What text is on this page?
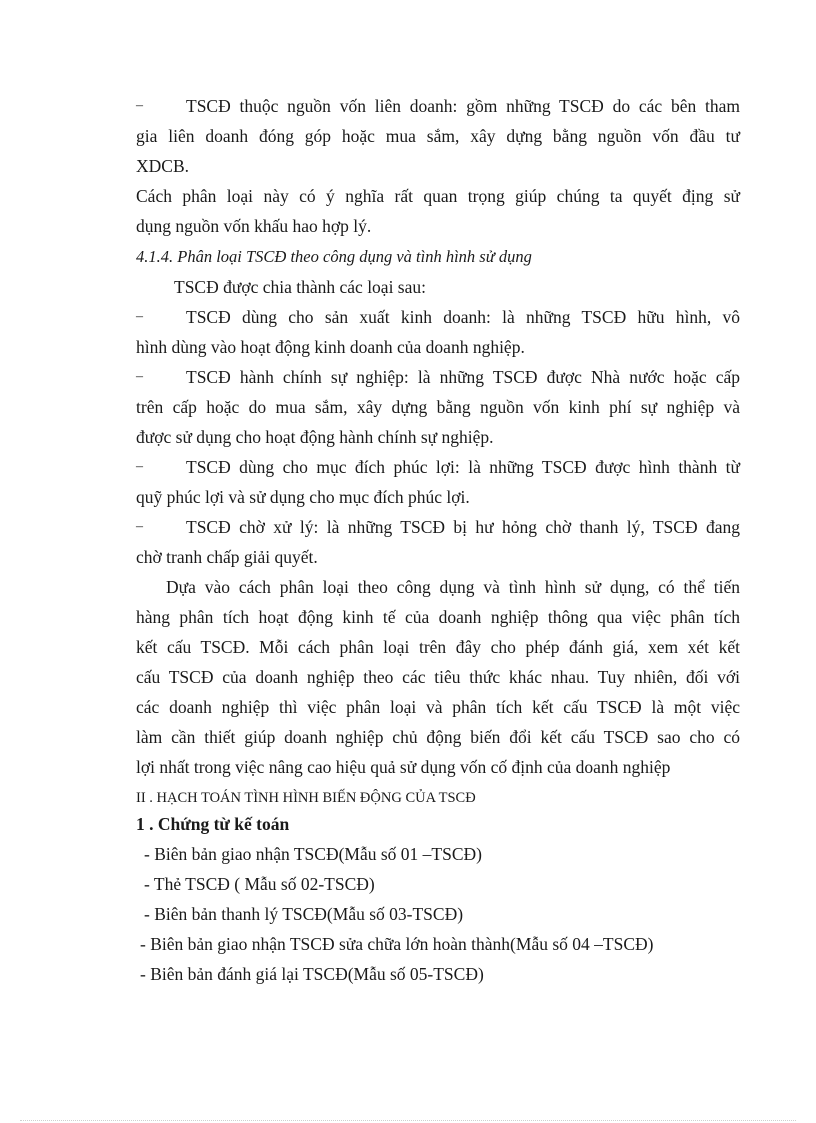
– TSCĐ thuộc nguồn vốn liên doanh: gồm những TSCĐ do các bên tham
gia liên doanh đóng góp hoặc mua sắm, xây dựng bằng nguồn vốn đầu tư
XDCB.
Cách phân loại này có ý nghĩa rất quan trọng giúp chúng ta quyết địng sử
dụng nguồn vốn khấu hao hợp lý.
4.1.4. Phân loại TSCĐ theo công dụng và tình hình sử dụng
TSCĐ được chia thành các loại sau:
– TSCĐ dùng cho sản xuất kinh doanh: là những TSCĐ hữu hình, vô
hình dùng vào hoạt động kinh doanh của doanh nghiệp.
– TSCĐ hành chính sự nghiệp: là những TSCĐ được Nhà nước hoặc cấp
trên cấp hoặc do mua sắm, xây dựng bằng nguồn vốn kinh phí sự nghiệp và
được sử dụng cho hoạt động hành chính sự nghiệp.
– TSCĐ dùng cho mục đích phúc lợi: là những TSCĐ được hình thành từ
quỹ phúc lợi và sử dụng cho mục đích phúc lợi.
– TSCĐ chờ xử lý: là những TSCĐ bị hư hỏng chờ thanh lý, TSCĐ đang
chờ tranh chấp giải quyết.
Dựa vào cách phân loại theo công dụng và tình hình sử dụng, có thể tiến
hàng phân tích hoạt động kinh tế của doanh nghiệp thông qua việc phân tích
kết cấu TSCĐ. Mỗi cách phân loại trên đây cho phép đánh giá, xem xét kết
cấu TSCĐ của doanh nghiệp theo các tiêu thức khác nhau. Tuy nhiên, đối với
các doanh nghiệp thì việc phân loại và phân tích kết cấu TSCĐ là một việc
làm cần thiết giúp doanh nghiệp chủ động biến đổi kết cấu TSCĐ sao cho có
lợi nhất trong việc nâng cao hiệu quả sử dụng vốn cố định của doanh nghiệp
II . HẠCH TOÁN TÌNH HÌNH BIẾN ĐỘNG CỦA TSCĐ
1 . Chứng từ kế toán
- Biên bản giao nhận TSCĐ(Mẫu số 01 –TSCĐ)
- Thẻ TSCĐ ( Mẫu số 02-TSCĐ)
- Biên bản thanh lý TSCĐ(Mẫu số 03-TSCĐ)
- Biên bản giao nhận TSCĐ sửa chữa lớn hoàn thành(Mẫu số 04 –TSCĐ)
- Biên bản đánh giá lại TSCĐ(Mẫu số 05-TSCĐ)
